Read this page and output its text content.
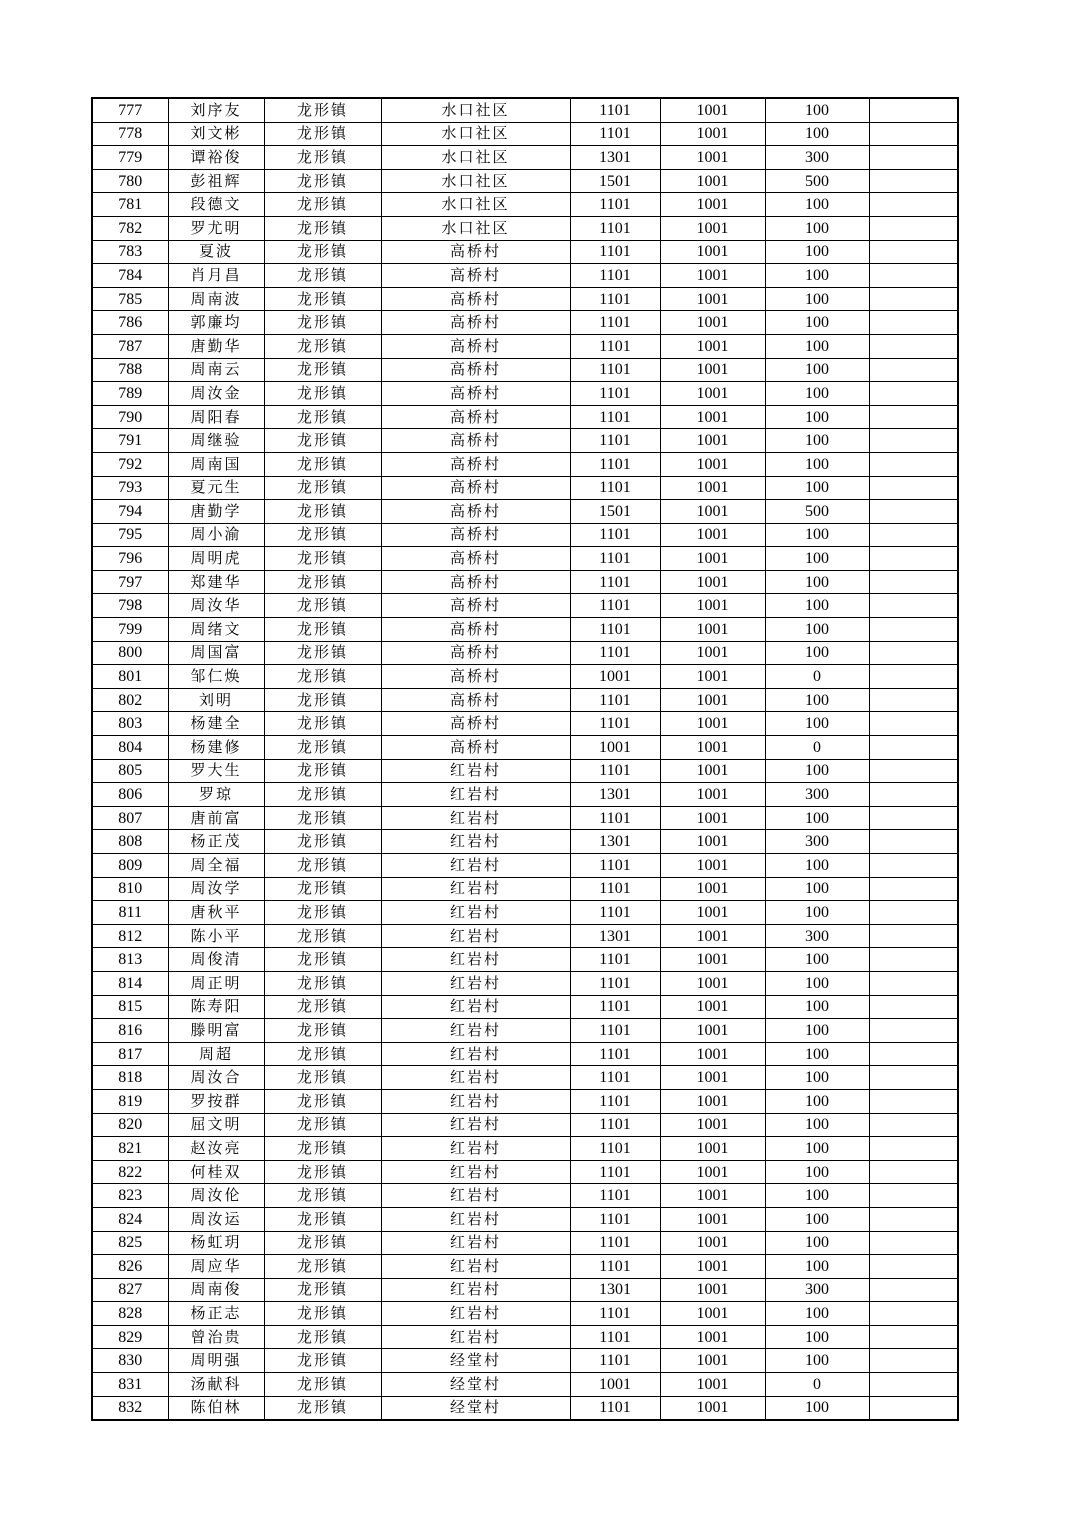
777	刘序友	龙形镇	水口社区	1101	1001	100	
778	刘文彬	龙形镇	水口社区	1101	1001	100	
779	谭裕俊	龙形镇	水口社区	1301	1001	300	
780	彭祖辉	龙形镇	水口社区	1501	1001	500	
781	段德文	龙形镇	水口社区	1101	1001	100	
782	罗尤明	龙形镇	水口社区	1101	1001	100	
783	夏波	龙形镇	高桥村	1101	1001	100	
784	肖月昌	龙形镇	高桥村	1101	1001	100	
785	周南波	龙形镇	高桥村	1101	1001	100	
786	郭廉均	龙形镇	高桥村	1101	1001	100	
787	唐勤华	龙形镇	高桥村	1101	1001	100	
788	周南云	龙形镇	高桥村	1101	1001	100	
789	周汝金	龙形镇	高桥村	1101	1001	100	
790	周阳春	龙形镇	高桥村	1101	1001	100	
791	周继验	龙形镇	高桥村	1101	1001	100	
792	周南国	龙形镇	高桥村	1101	1001	100	
793	夏元生	龙形镇	高桥村	1101	1001	100	
794	唐勤学	龙形镇	高桥村	1501	1001	500	
795	周小渝	龙形镇	高桥村	1101	1001	100	
796	周明虎	龙形镇	高桥村	1101	1001	100	
797	郑建华	龙形镇	高桥村	1101	1001	100	
798	周汝华	龙形镇	高桥村	1101	1001	100	
799	周绪文	龙形镇	高桥村	1101	1001	100	
800	周国富	龙形镇	高桥村	1101	1001	100	
801	邹仁焕	龙形镇	高桥村	1001	1001	0	
802	刘明	龙形镇	高桥村	1101	1001	100	
803	杨建全	龙形镇	高桥村	1101	1001	100	
804	杨建修	龙形镇	高桥村	1001	1001	0	
805	罗大生	龙形镇	红岩村	1101	1001	100	
806	罗琼	龙形镇	红岩村	1301	1001	300	
807	唐前富	龙形镇	红岩村	1101	1001	100	
808	杨正茂	龙形镇	红岩村	1301	1001	300	
809	周全福	龙形镇	红岩村	1101	1001	100	
810	周汝学	龙形镇	红岩村	1101	1001	100	
811	唐秋平	龙形镇	红岩村	1101	1001	100	
812	陈小平	龙形镇	红岩村	1301	1001	300	
813	周俊清	龙形镇	红岩村	1101	1001	100	
814	周正明	龙形镇	红岩村	1101	1001	100	
815	陈寿阳	龙形镇	红岩村	1101	1001	100	
816	滕明富	龙形镇	红岩村	1101	1001	100	
817	周超	龙形镇	红岩村	1101	1001	100	
818	周汝合	龙形镇	红岩村	1101	1001	100	
819	罗按群	龙形镇	红岩村	1101	1001	100	
820	屈文明	龙形镇	红岩村	1101	1001	100	
821	赵汝亮	龙形镇	红岩村	1101	1001	100	
822	何桂双	龙形镇	红岩村	1101	1001	100	
823	周汝伦	龙形镇	红岩村	1101	1001	100	
824	周汝运	龙形镇	红岩村	1101	1001	100	
825	杨虹玥	龙形镇	红岩村	1101	1001	100	
826	周应华	龙形镇	红岩村	1101	1001	100	
827	周南俊	龙形镇	红岩村	1301	1001	300	
828	杨正志	龙形镇	红岩村	1101	1001	100	
829	曾治贵	龙形镇	红岩村	1101	1001	100	
830	周明强	龙形镇	经堂村	1101	1001	100	
831	汤献科	龙形镇	经堂村	1001	1001	0	
832	陈伯林	龙形镇	经堂村	1101	1001	100	
